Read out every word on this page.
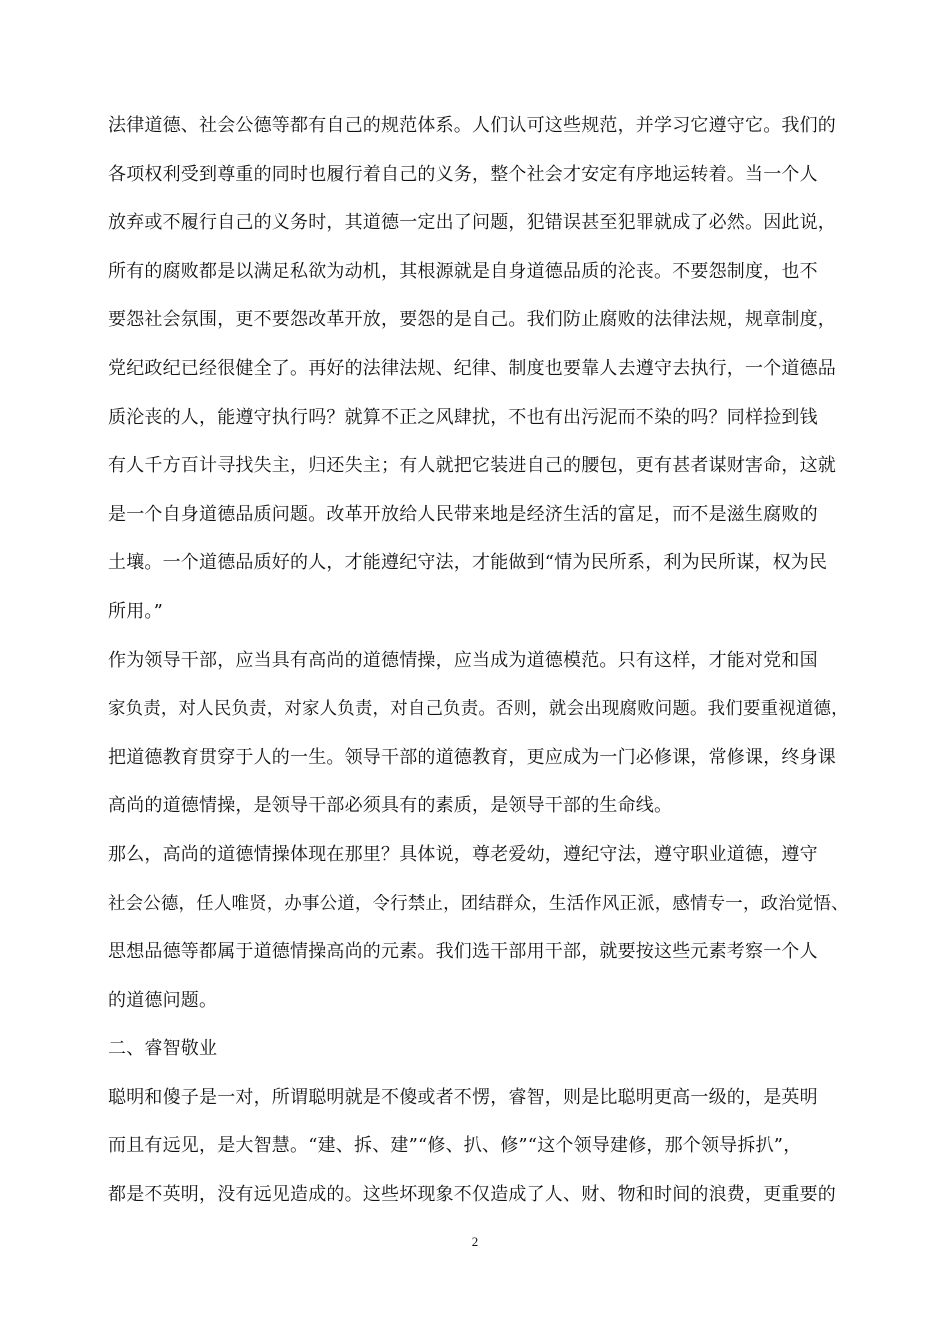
法律道德、社会公德等都有自己的规范体系。人们认可这些规范，并学习它遵守它。我们的
各项权利受到尊重的同时也履行着自己的义务，整个社会才安定有序地运转着。当一个人
放弃或不履行自己的义务时，其道德一定出了问题，犯错误甚至犯罪就成了必然。因此说，
所有的腐败都是以满足私欲为动机，其根源就是自身道德品质的沦丧。不要怨制度，也不
要怨社会氛围，更不要怨改革开放，要怨的是自己。我们防止腐败的法律法规，规章制度，
党纪政纪已经很健全了。再好的法律法规、纪律、制度也要靠人去遵守去执行，一个道德品
质沦丧的人，能遵守执行吗？就算不正之风肆扰，不也有出污泥而不染的吗？同样捡到钱
有人千方百计寻找失主，归还失主；有人就把它装进自己的腰包，更有甚者谋财害命，这就
是一个自身道德品质问题。改革开放给人民带来地是经济生活的富足，而不是滋生腐败的
土壤。一个道德品质好的人，才能遵纪守法，才能做到“情为民所系，利为民所谋，权为民
所用。”
作为领导干部，应当具有高尚的道德情操，应当成为道德模范。只有这样，才能对党和国
家负责，对人民负责，对家人负责，对自己负责。否则，就会出现腐败问题。我们要重视道德，
把道德教育贯穿于人的一生。领导干部的道德教育，更应成为一门必修课，常修课，终身课
高尚的道德情操，是领导干部必须具有的素质，是领导干部的生命线。
那么，高尚的道德情操体现在那里？具体说，尊老爱幼，遵纪守法，遵守职业道德，遵守
社会公德，任人唯贤，办事公道，令行禁止，团结群众，生活作风正派，感情专一，政治觉悟、
思想品德等都属于道德情操高尚的元素。我们选干部用干部，就要按这些元素考察一个人
的道德问题。
二、睿智敬业
聪明和傻子是一对，所谓聪明就是不傻或者不愣，睿智，则是比聪明更高一级的，是英明
而且有远见，是大智慧。“建、拆、建”“修、扒、修”“这个领导建修，那个领导拆扒”，
都是不英明，没有远见造成的。这些坏现象不仅造成了人、财、物和时间的浪费，更重要的
2
